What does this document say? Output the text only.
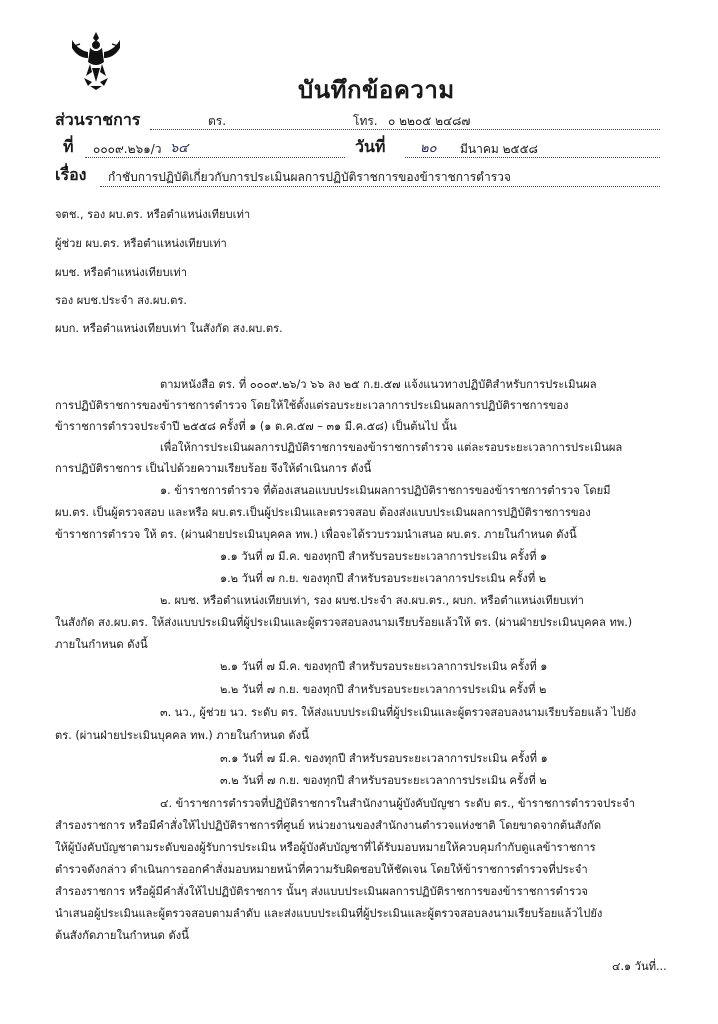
บันทึกข้อความ
ส่วนราชการ	ตร.	โทร. ๐ ๒๒๐๕ ๒๔๘๗
ที่ ๐๐๐๙.๒๖๑/ว ๖๔	วันที่	๒๐ มีนาคม ๒๕๕๘
เรื่อง กำชับการปฏิบัติเกี่ยวกับการประเมินผลการปฏิบัติราชการของข้าราชการตำรวจ
จตช., รอง ผบ.ตร. หรือตำแหน่งเทียบเท่า
ผู้ช่วย ผบ.ตร. หรือตำแหน่งเทียบเท่า
ผบช. หรือตำแหน่งเทียบเท่า
รอง ผบช.ประจำ สง.ผบ.ตร.
ผบก. หรือตำแหน่งเทียบเท่า ในสังกัด สง.ผบ.ตร.
ตามหนังสือ ตร. ที่ ๐๐๐๙.๒๖/ว ๖๖ ลง ๒๕ ก.ย.๕๗ แจ้งแนวทางปฏิบัติสำหรับการประเมินผล
การปฏิบัติราชการของข้าราชการตำรวจ โดยให้ใช้ตั้งแต่รอบระยะเวลาการประเมินผลการปฏิบัติราชการของ
ข้าราชการตำรวจประจำปี ๒๕๕๘ ครั้งที่ ๑ (๑ ต.ค.๕๗ – ๓๑ มี.ค.๕๘) เป็นต้นไป นั้น
เพื่อให้การประเมินผลการปฏิบัติราชการของข้าราชการตำรวจ แต่ละรอบระยะเวลาการประเมินผล
การปฏิบัติราชการ เป็นไปด้วยความเรียบร้อย จึงให้ดำเนินการ ดังนี้
๑. ข้าราชการตำรวจ ที่ต้องเสนอแบบประเมินผลการปฏิบัติราชการของข้าราชการตำรวจ โดยมี
ผบ.ตร. เป็นผู้ตรวจสอบ และหรือ ผบ.ตร.เป็นผู้ประเมินและตรวจสอบ ต้องส่งแบบประเมินผลการปฏิบัติราชการของ
ข้าราชการตำรวจ ให้ ตร. (ผ่านฝ่ายประเมินบุคคล ทพ.) เพื่อจะได้รวบรวมนำเสนอ ผบ.ตร. ภายในกำหนด ดังนี้
๑.๑ วันที่ ๗ มี.ค. ของทุกปี สำหรับรอบระยะเวลาการประเมิน ครั้งที่ ๑
๑.๒ วันที่ ๗ ก.ย. ของทุกปี สำหรับรอบระยะเวลาการประเมิน ครั้งที่ ๒
๒. ผบช. หรือตำแหน่งเทียบเท่า, รอง ผบช.ประจำ สง.ผบ.ตร., ผบก. หรือตำแหน่งเทียบเท่า
ในสังกัด สง.ผบ.ตร. ให้ส่งแบบประเมินที่ผู้ประเมินและผู้ตรวจสอบลงนามเรียบร้อยแล้วให้ ตร. (ผ่านฝ่ายประเมินบุคคล ทพ.)
ภายในกำหนด ดังนี้
๒.๑ วันที่ ๗ มี.ค. ของทุกปี สำหรับรอบระยะเวลาการประเมิน ครั้งที่ ๑
๒.๒ วันที่ ๗ ก.ย. ของทุกปี สำหรับรอบระยะเวลาการประเมิน ครั้งที่ ๒
๓. นว., ผู้ช่วย นว. ระดับ ตร. ให้ส่งแบบประเมินที่ผู้ประเมินและผู้ตรวจสอบลงนามเรียบร้อยแล้ว ไปยัง
ตร. (ผ่านฝ่ายประเมินบุคคล ทพ.) ภายในกำหนด ดังนี้
๓.๑ วันที่ ๗ มี.ค. ของทุกปี สำหรับรอบระยะเวลาการประเมิน ครั้งที่ ๑
๓.๒ วันที่ ๗ ก.ย. ของทุกปี สำหรับรอบระยะเวลาการประเมิน ครั้งที่ ๒
๔. ข้าราชการตำรวจที่ปฏิบัติราชการในสำนักงานผู้บังคับบัญชา ระดับ ตร., ข้าราชการตำรวจประจำ
สำรองราชการ หรือมีคำสั่งให้ไปปฏิบัติราชการที่ศูนย์ หน่วยงานของสำนักงานตำรวจแห่งชาติ โดยขาดจากต้นสังกัด
ให้ผู้บังคับบัญชาตามระดับของผู้รับการประเมิน หรือผู้บังคับบัญชาที่ได้รับมอบหมายให้ควบคุมกำกับดูแลข้าราชการ
ตำรวจดังกล่าว ดำเนินการออกคำสั่งมอบหมายหน้าที่ความรับผิดชอบให้ชัดเจน โดยให้ข้าราชการตำรวจที่ประจำ
สำรองราชการ หรือผู้มีคำสั่งให้ไปปฏิบัติราชการ นั้นๆ ส่งแบบประเมินผลการปฏิบัติราชการของข้าราชการตำรวจ
นำเสนอผู้ประเมินและผู้ตรวจสอบตามลำดับ และส่งแบบประเมินที่ผู้ประเมินและผู้ตรวจสอบลงนามเรียบร้อยแล้วไปยัง
ต้นสังกัดภายในกำหนด ดังนี้
๔.๑ วันที่...
